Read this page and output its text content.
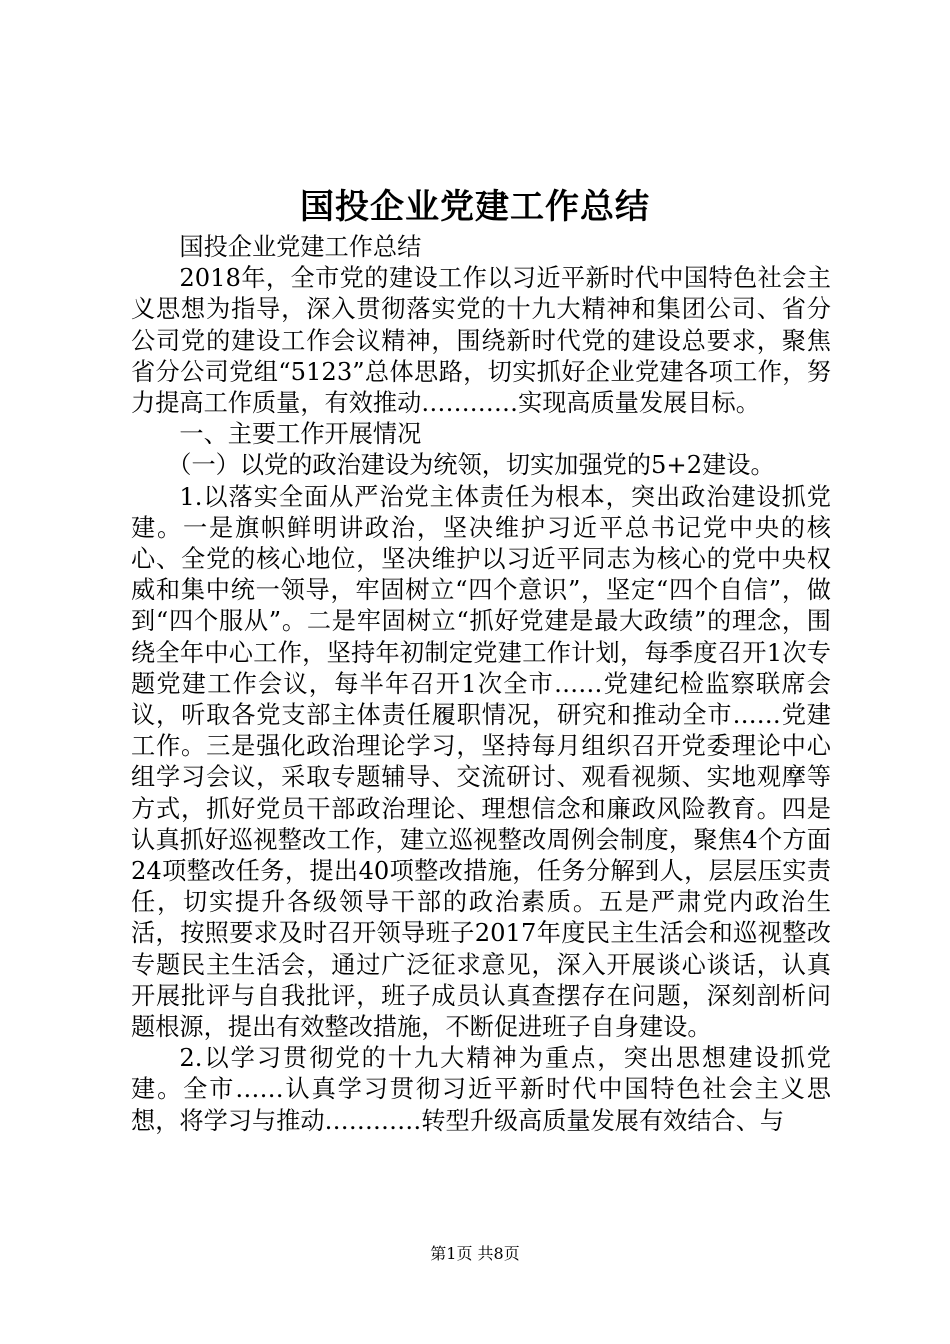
国投企业党建工作总结

国投企业党建工作总结

2018年，全市党的建设工作以习近平新时代中国特色社会主义思想为指导，深入贯彻落实党的十九大精神和集团公司、省分公司党的建设工作会议精神，围绕新时代党的建设总要求，聚焦省分公司党组“5123”总体思路，切实抓好企业党建各项工作，努力提高工作质量，有效推动…………实现高质量发展目标。

一、主要工作开展情况

（一）以党的政治建设为统领，切实加强党的5+2建设。

1.以落实全面从严治党主体责任为根本，突出政治建设抓党建。一是旗帜鲜明讲政治，坚决维护习近平总书记党中央的核心、全党的核心地位，坚决维护以习近平同志为核心的党中央权威和集中统一领导，牢固树立“四个意识”，坚定“四个自信”，做到“四个服从”。二是牢固树立“抓好党建是最大政绩”的理念，围绕全年中心工作，坚持年初制定党建工作计划，每季度召开1次专题党建工作会议，每半年召开1次全市……党建纪检监察联席会议，听取各党支部主体责任履职情况，研究和推动全市……党建工作。三是强化政治理论学习，坚持每月组织召开党委理论中心组学习会议，采取专题辅导、交流研讨、观看视频、实地观摩等方式，抓好党员干部政治理论、理想信念和廉政风险教育。四是认真抓好巡视整改工作，建立巡视整改周例会制度，聚焦4个方面24项整改任务，提出40项整改措施，任务分解到人，层层压实责任，切实提升各级领导干部的政治素质。五是严肃党内政治生活，按照要求及时召开领导班子2017年度民主生活会和巡视整改专题民主生活会，通过广泛征求意见，深入开展谈心谈话，认真开展批评与自我批评，班子成员认真查摆存在问题，深刻剖析问题根源，提出有效整改措施，不断促进班子自身建设。

2.以学习贯彻党的十九大精神为重点，突出思想建设抓党建。全市……认真学习贯彻习近平新时代中国特色社会主义思想，将学习与推动…………转型升级高质量发展有效结合、与

第1页 共8页
